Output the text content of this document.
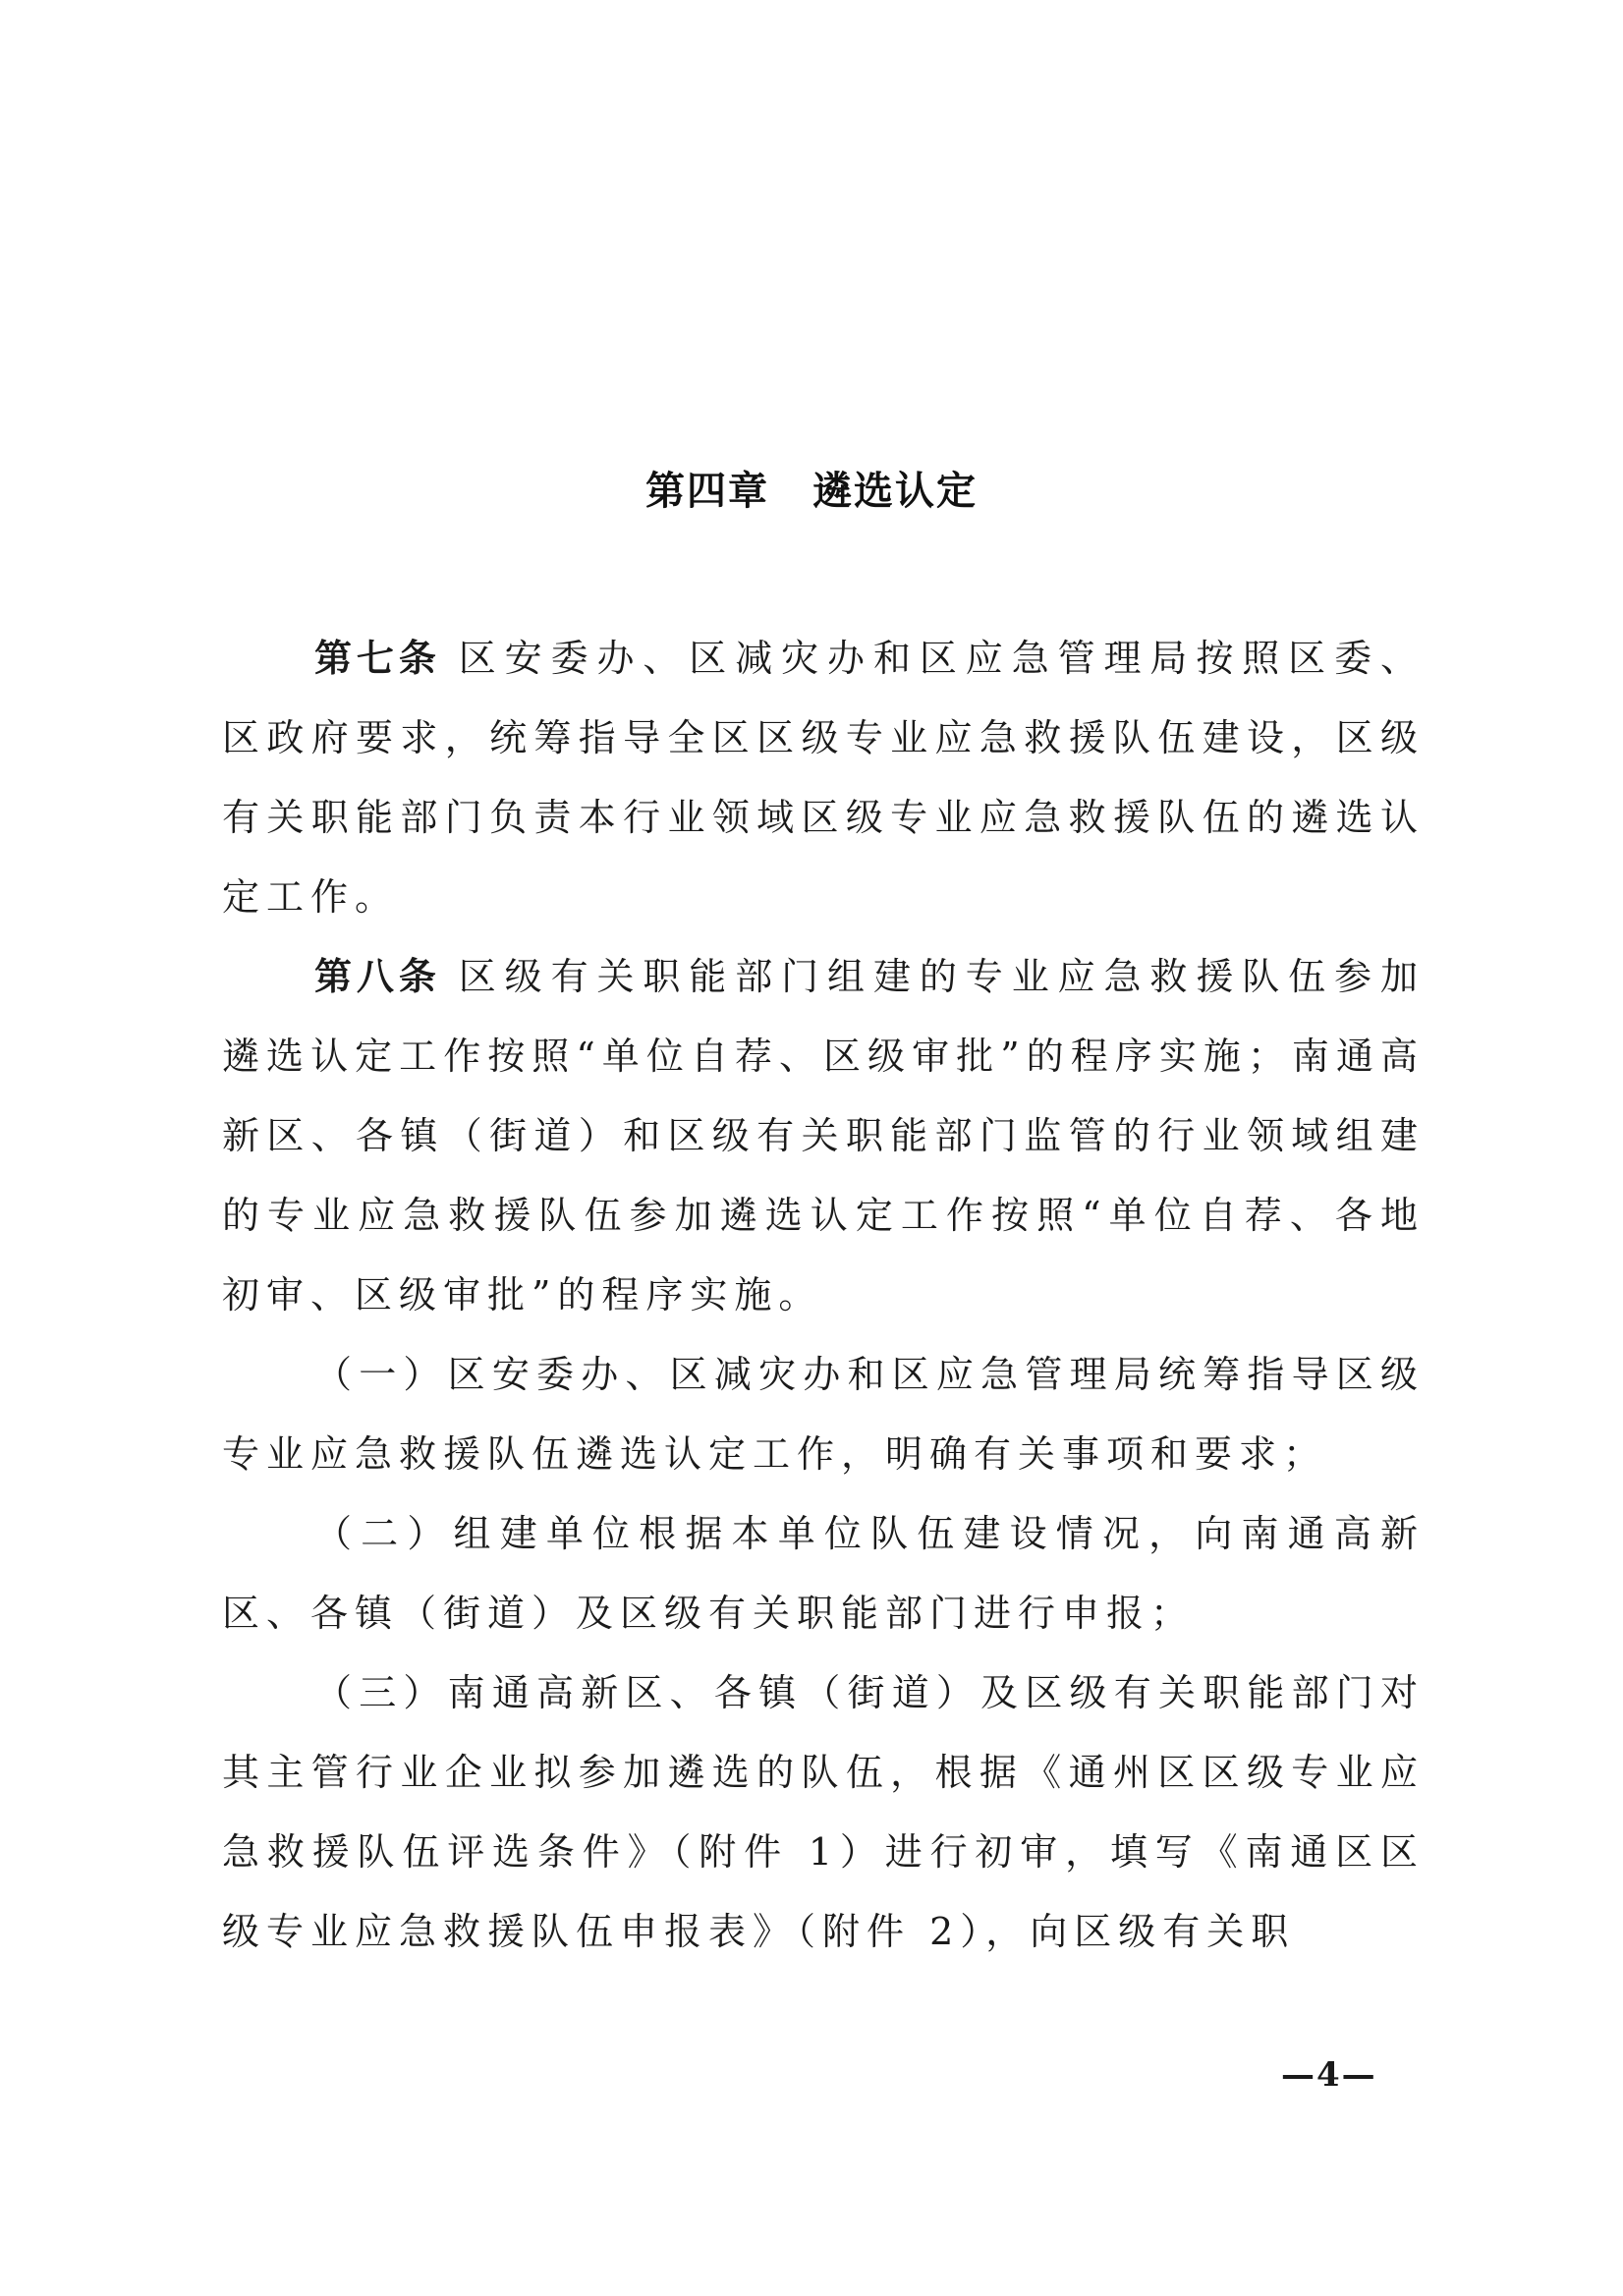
第四章 遴选认定

第七条 区安委办、区减灾办和区应急管理局按照区委、区政府要求，统筹指导全区区级专业应急救援队伍建设，区级有关职能部门负责本行业领域区级专业应急救援队伍的遴选认定工作。

第八条 区级有关职能部门组建的专业应急救援队伍参加遴选认定工作按照“单位自荐、区级审批”的程序实施；南通高新区、各镇（街道）和区级有关职能部门监管的行业领域组建的专业应急救援队伍参加遴选认定工作按照“单位自荐、各地初审、区级审批”的程序实施。

（一）区安委办、区减灾办和区应急管理局统筹指导区级专业应急救援队伍遴选认定工作，明确有关事项和要求；

（二）组建单位根据本单位队伍建设情况，向南通高新区、各镇（街道）及区级有关职能部门进行申报；

（三）南通高新区、各镇（街道）及区级有关职能部门对其主管行业企业拟参加遴选的队伍，根据《通州区区级专业应急救援队伍评选条件》（附件 1）进行初审，填写《南通区区级专业应急救援队伍申报表》（附件 2），向区级有关职

—4—
